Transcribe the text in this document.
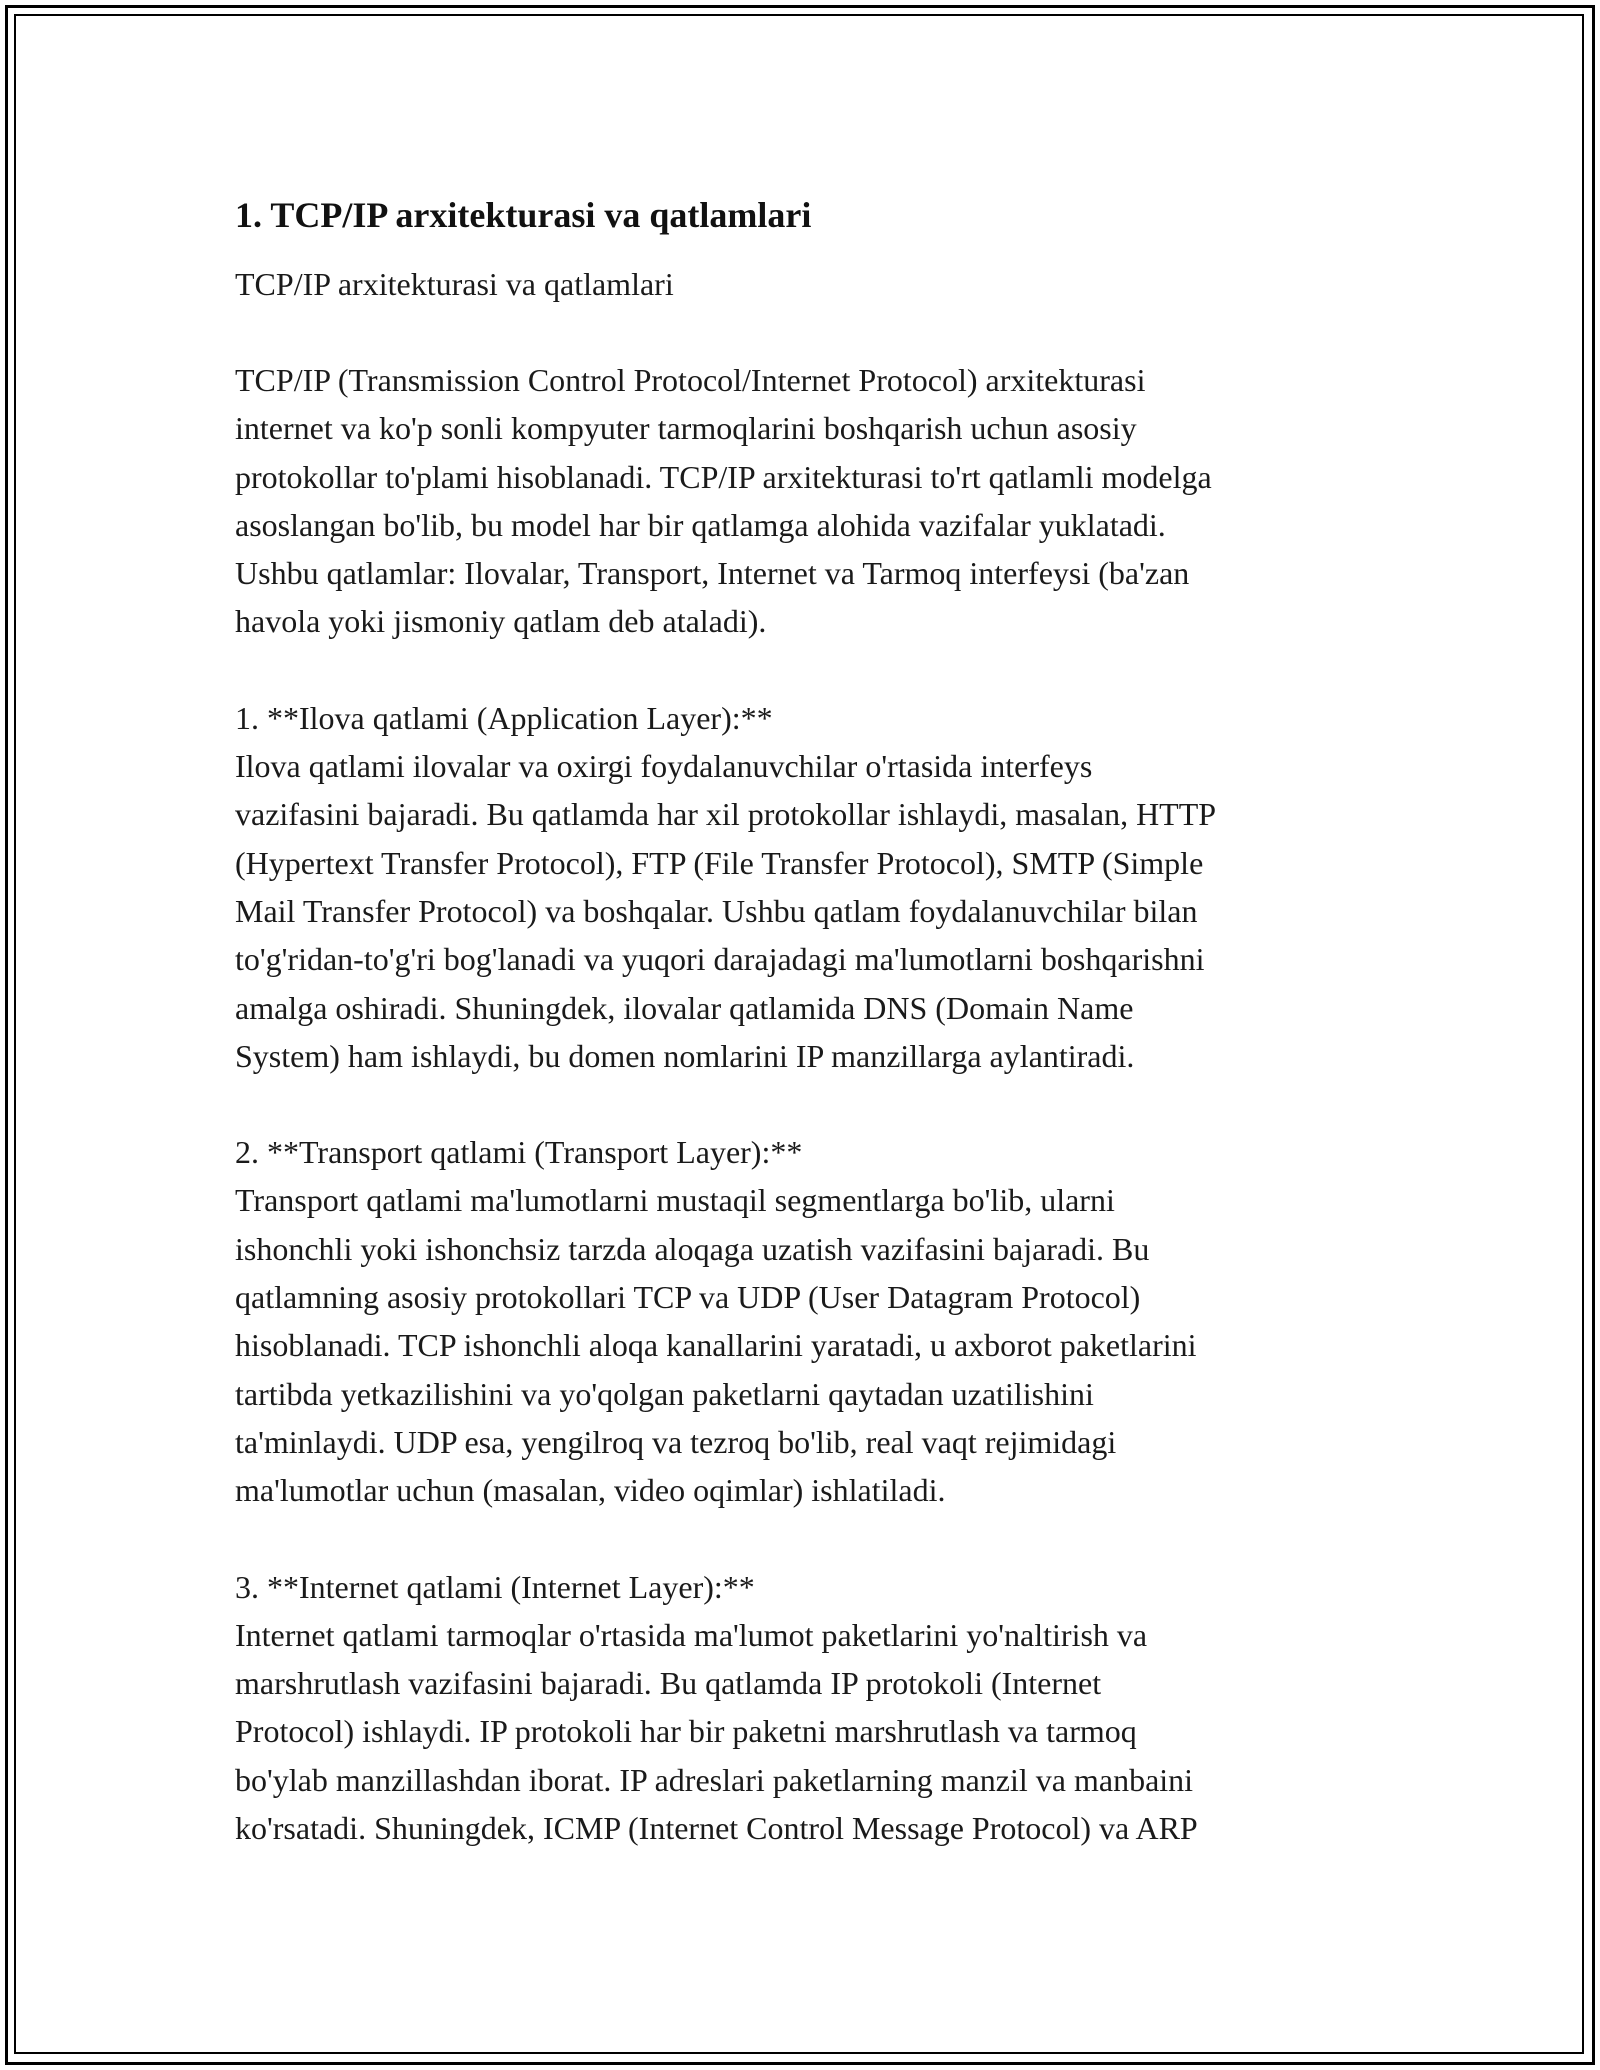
1. TCP/IP arxitekturasi va qatlamlari

TCP/IP arxitekturasi va qatlamlari

TCP/IP (Transmission Control Protocol/Internet Protocol) arxitekturasi
internet va ko'p sonli kompyuter tarmoqlarini boshqarish uchun asosiy
protokollar to'plami hisoblanadi. TCP/IP arxitekturasi to'rt qatlamli modelga
asoslangan bo'lib, bu model har bir qatlamga alohida vazifalar yuklatadi.
Ushbu qatlamlar: Ilovalar, Transport, Internet va Tarmoq interfeysi (ba'zan
havola yoki jismoniy qatlam deb ataladi).

1. **Ilova qatlami (Application Layer):**
Ilova qatlami ilovalar va oxirgi foydalanuvchilar o'rtasida interfeys
vazifasini bajaradi. Bu qatlamda har xil protokollar ishlaydi, masalan, HTTP
(Hypertext Transfer Protocol), FTP (File Transfer Protocol), SMTP (Simple
Mail Transfer Protocol) va boshqalar. Ushbu qatlam foydalanuvchilar bilan
to'g'ridan-to'g'ri bog'lanadi va yuqori darajadagi ma'lumotlarni boshqarishni
amalga oshiradi. Shuningdek, ilovalar qatlamida DNS (Domain Name
System) ham ishlaydi, bu domen nomlarini IP manzillarga aylantiradi.

2. **Transport qatlami (Transport Layer):**
Transport qatlami ma'lumotlarni mustaqil segmentlarga bo'lib, ularni
ishonchli yoki ishonchsiz tarzda aloqaga uzatish vazifasini bajaradi. Bu
qatlamning asosiy protokollari TCP va UDP (User Datagram Protocol)
hisoblanadi. TCP ishonchli aloqa kanallarini yaratadi, u axborot paketlarini
tartibda yetkazilishini va yo'qolgan paketlarni qaytadan uzatilishini
ta'minlaydi. UDP esa, yengilroq va tezroq bo'lib, real vaqt rejimidagi
ma'lumotlar uchun (masalan, video oqimlar) ishlatiladi.

3. **Internet qatlami (Internet Layer):**
Internet qatlami tarmoqlar o'rtasida ma'lumot paketlarini yo'naltirish va
marshrutlash vazifasini bajaradi. Bu qatlamda IP protokoli (Internet
Protocol) ishlaydi. IP protokoli har bir paketni marshrutlash va tarmoq
bo'ylab manzillashdan iborat. IP adreslari paketlarning manzil va manbaini
ko'rsatadi. Shuningdek, ICMP (Internet Control Message Protocol) va ARP
